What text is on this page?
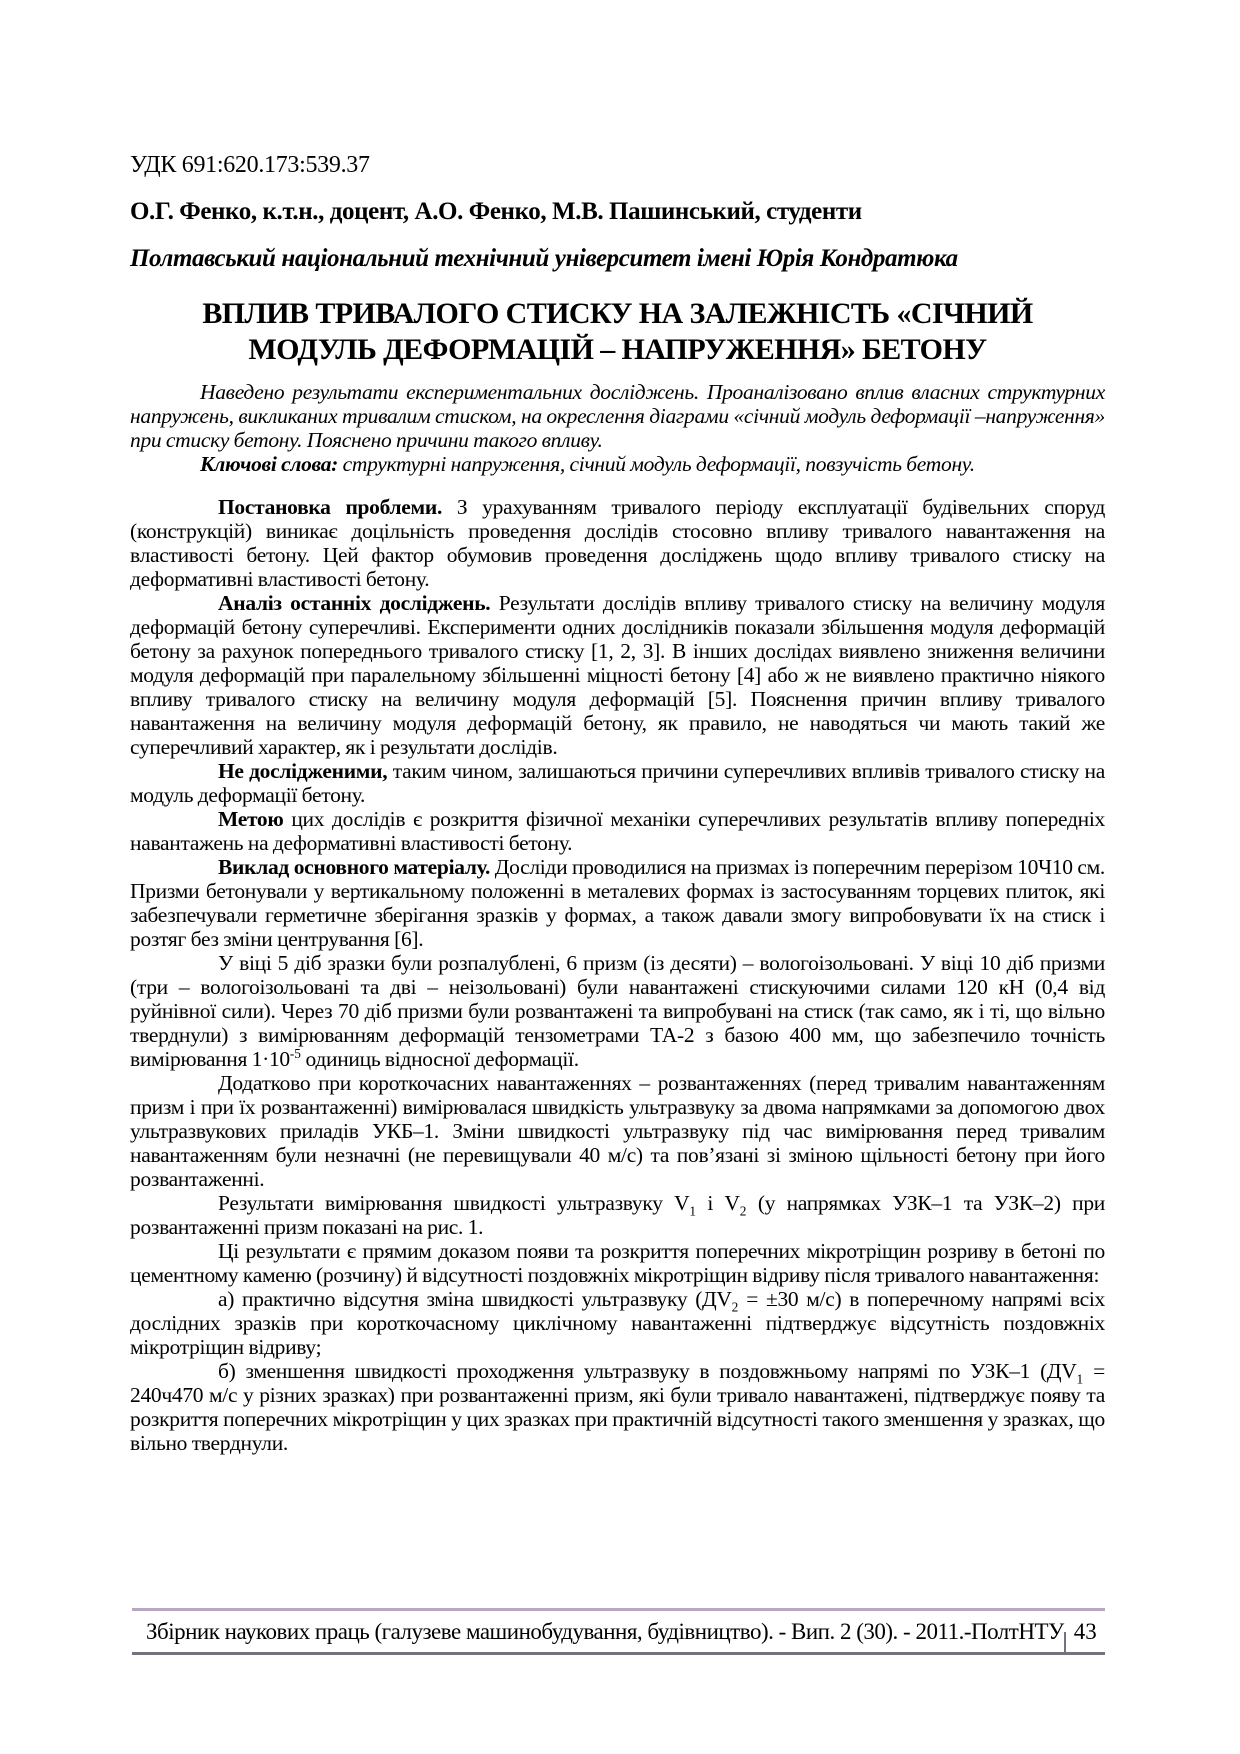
УДК 691:620.173:539.37

О.Г. Фенко, к.т.н., доцент, А.О. Фенко, М.В. Пашинський, студенти

Полтавський національний технічний університет імені Юрія Кондратюка

ВПЛИВ ТРИВАЛОГО СТИСКУ НА ЗАЛЕЖНІСТЬ «СІЧНИЙ
МОДУЛЬ ДЕФОРМАЦІЙ – НАПРУЖЕННЯ» БЕТОНУ

Наведено результати експериментальних досліджень. Проаналізовано вплив власних структурних напружень, викликаних тривалим стиском, на окреслення діаграми «січний модуль деформації –напруження» при стиску бетону. Пояснено причини такого впливу.

Ключові слова: структурні напруження, січний модуль деформації, повзучість бетону.

Постановка проблеми. З урахуванням тривалого періоду експлуатації будівельних споруд (конструкцій) виникає доцільність проведення дослідів стосовно впливу тривалого навантаження на властивості бетону. Цей фактор обумовив проведення досліджень щодо впливу тривалого стиску на деформативні властивості бетону.

Аналіз останніх досліджень. Результати дослідів впливу тривалого стиску на величину модуля деформацій бетону суперечливі. Експерименти одних дослідників показали збільшення модуля деформацій бетону за рахунок попереднього тривалого стиску [1, 2, 3]. В інших дослідах виявлено зниження величини модуля деформацій при паралельному збільшенні міцності бетону [4] або ж не виявлено практично ніякого впливу тривалого стиску на величину модуля деформацій [5]. Пояснення причин впливу тривалого навантаження на величину модуля деформацій бетону, як правило, не наводяться чи мають такий же суперечливий характер, як і результати дослідів.

Не дослідженими, таким чином, залишаються причини суперечливих впливів тривалого стиску на модуль деформації бетону.

Метою цих дослідів є розкриття фізичної механіки суперечливих результатів впливу попередніх навантажень на деформативні властивості бетону.

Виклад основного матеріалу. Досліди проводилися на призмах із поперечним перерізом 10Ч10 см. Призми бетонували у вертикальному положенні в металевих формах із застосуванням торцевих плиток, які забезпечували герметичне зберігання зразків у формах, а також давали змогу випробовувати їх на стиск і розтяг без зміни центрування [6].

У віці 5 діб зразки були розпалублені, 6 призм (із десяти) – вологоізольовані. У віці 10 діб призми (три – вологоізольовані та дві – неізольовані) були навантажені стискуючими силами 120 кН (0,4 від руйнівної сили). Через 70 діб призми були розвантажені та випробувані на стиск (так само, як і ті, що вільно тверднули) з вимірюванням деформацій тензометрами ТА-2 з базою 400 мм, що забезпечило точність вимірювання $1\cdot 10^{-5}$ одиниць відносної деформації.

Додатково при короткочасних навантаженнях – розвантаженнях (перед тривалим навантаженням призм і при їх розвантаженні) вимірювалася швидкість ультразвуку за двома напрямками за допомогою двох ультразвукових приладів УКБ–1. Зміни швидкості ультразвуку під час вимірювання перед тривалим навантаженням були незначні (не перевищували 40 м/с) та пов’язані зі зміною щільності бетону при його розвантаженні.

Результати вимірювання швидкості ультразвуку $V_1$ і $V_2$ (у напрямках УЗК–1 та УЗК–2) при розвантаженні призм показані на рис. 1.

Ці результати є прямим доказом появи та розкриття поперечних мікротріщин розриву в бетоні по цементному каменю (розчину) й відсутності поздовжніх мікротріщин відриву після тривалого навантаження:

а) практично відсутня зміна швидкості ультразвуку ($ДV_2 = \pm 30$ м/с) в поперечному напрямі всіх дослідних зразків при короткочасному циклічному навантаженні підтверджує відсутність поздовжніх мікротріщин відриву;

б) зменшення швидкості проходження ультразвуку в поздовжньому напрямі по УЗК–1 ($ДV_1 = 240ч470$ м/с у різних зразках) при розвантаженні призм, які були тривало навантажені, підтверджує появу та розкриття поперечних мікротріщин у цих зразках при практичній відсутності такого зменшення у зразках, що вільно тверднули.

Збірник наукових праць (галузеве машинобудування, будівництво). - Вип. 2 (30). - 2011.-ПолтНТУ 43
